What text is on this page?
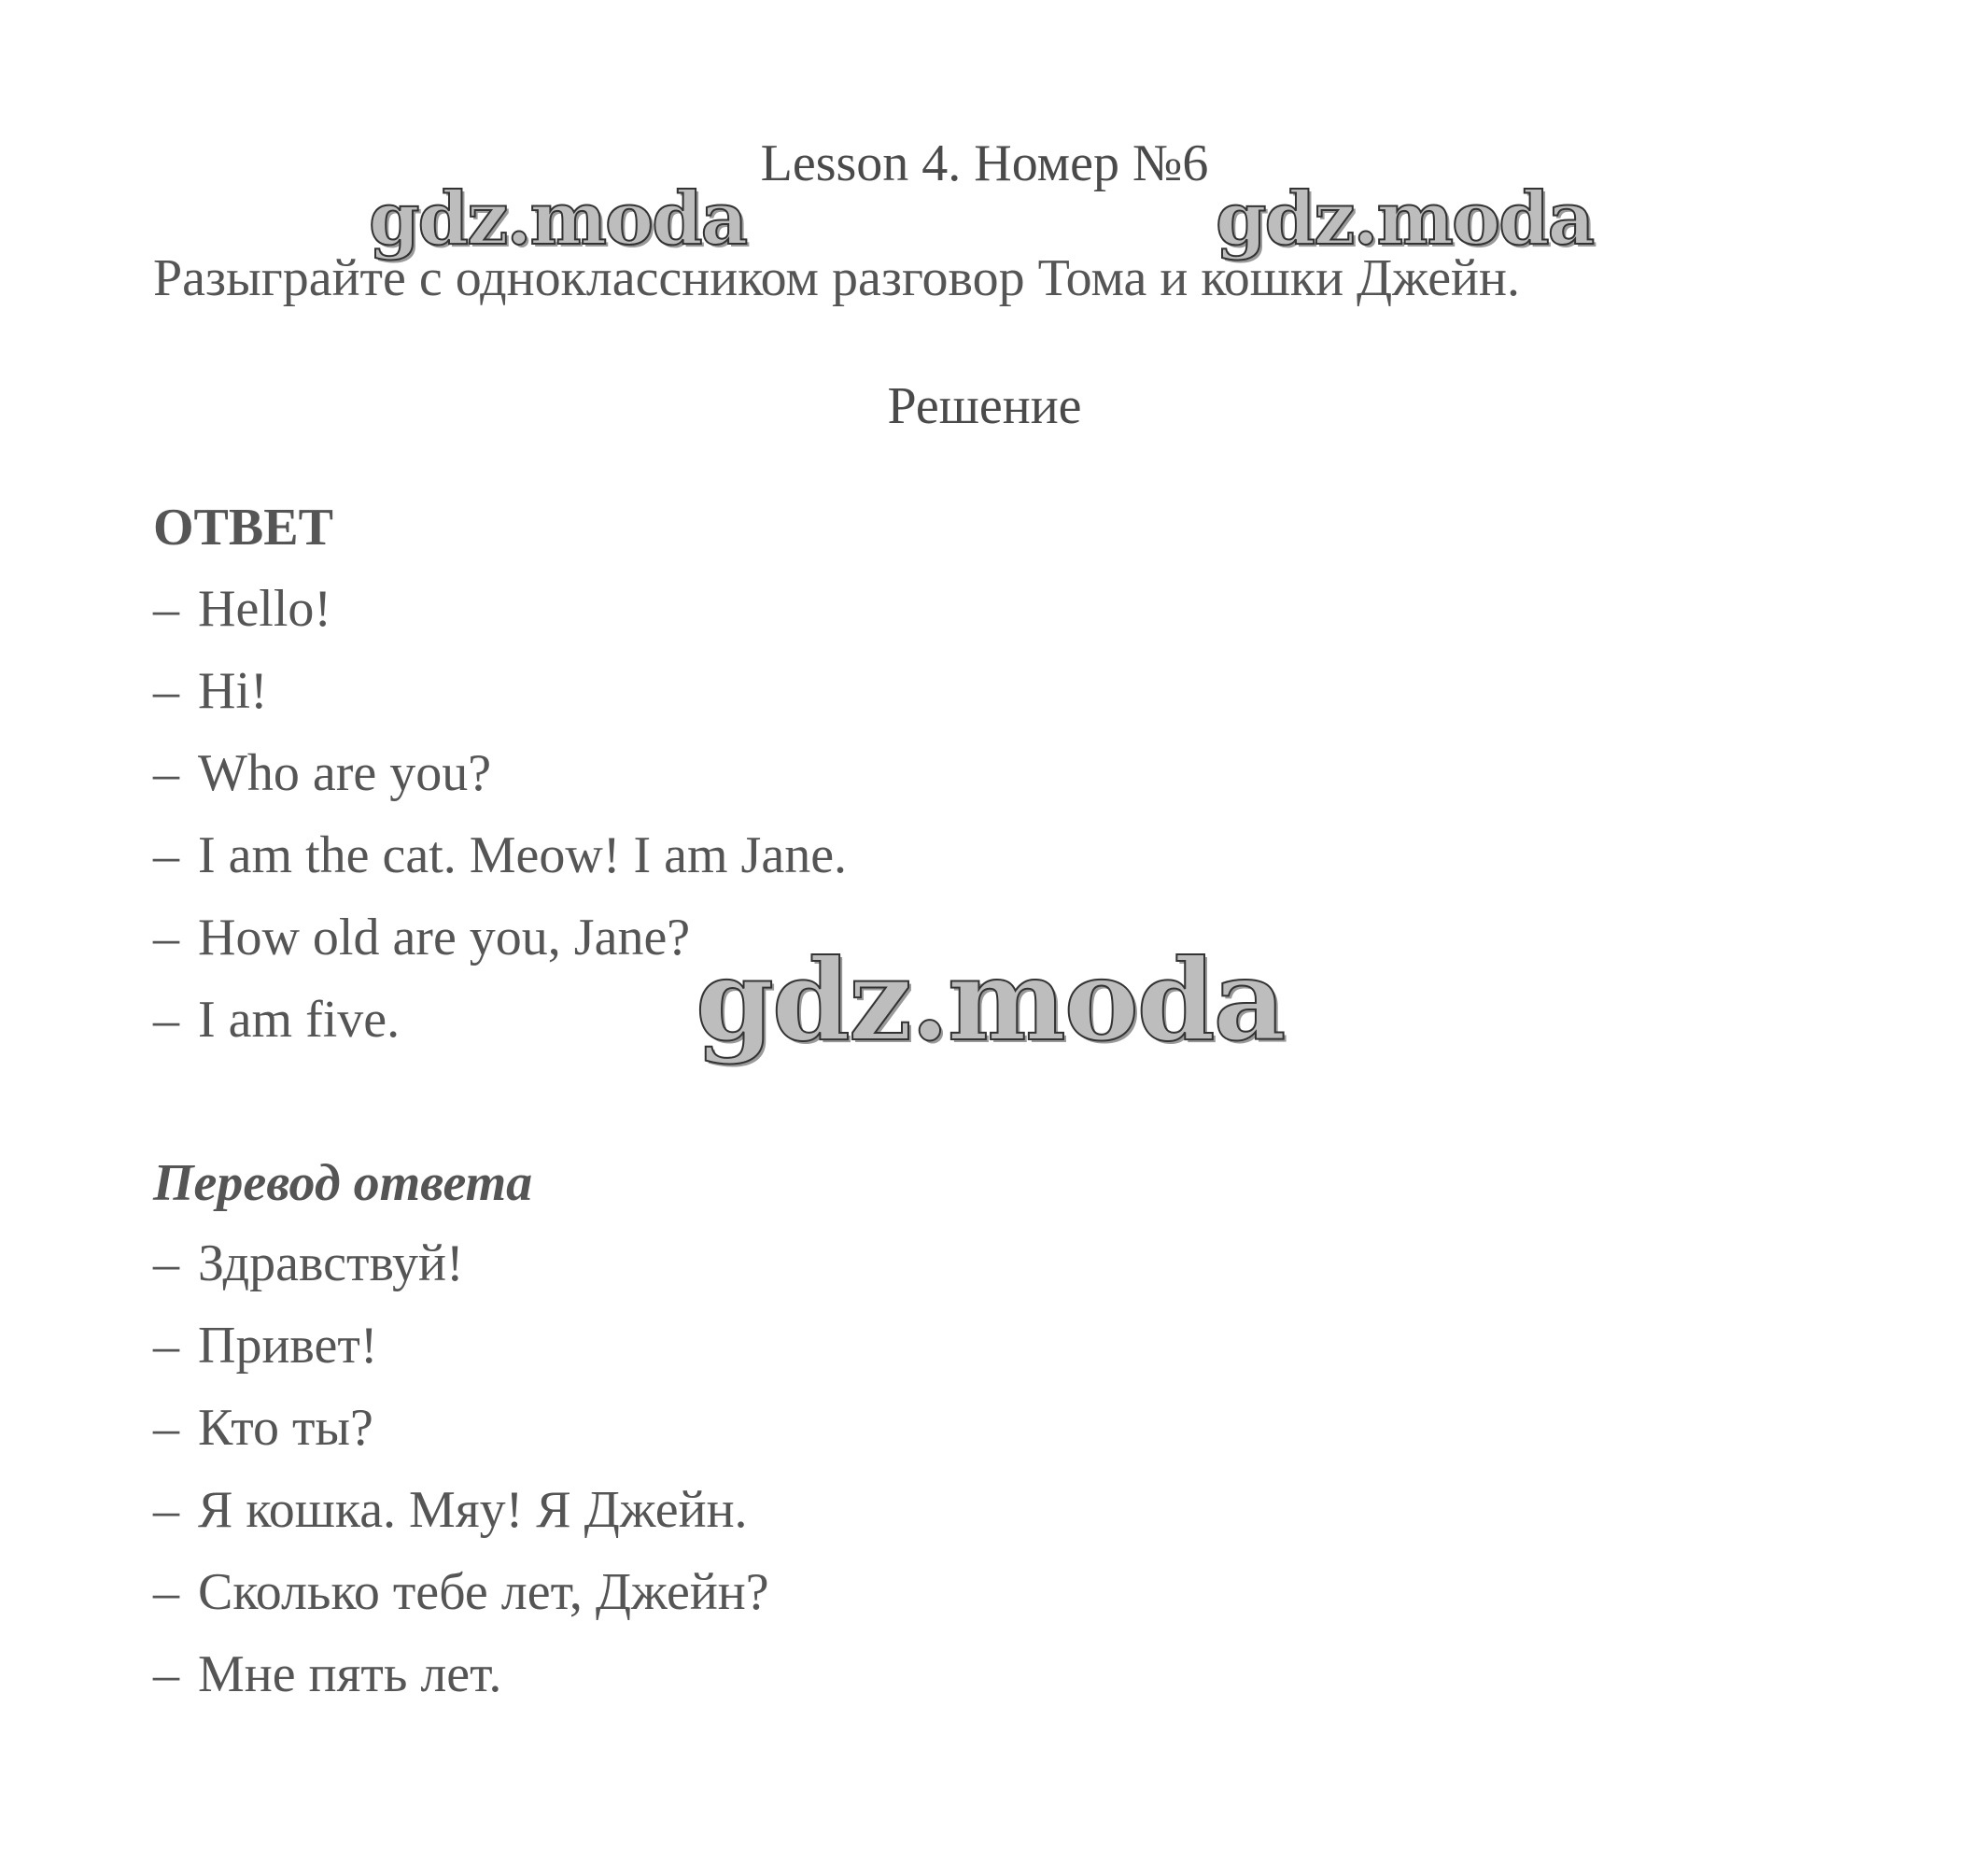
Lesson 4. Номер №6
gdz.moda	gdz.moda
Разыграйте с одноклассником разговор Тома и кошки Джейн.
Решение
ОТВЕТ
– Hello!
– Hi!
– Who are you?
– I am the cat. Meow! I am Jane.
– How old are you, Jane?
– I am five.	gdz.moda
Перевод ответа
– Здравствуй!
– Привет!
– Кто ты?
– Я кошка. Мяу! Я Джейн.
– Сколько тебе лет, Джейн?
– Мне пять лет.
